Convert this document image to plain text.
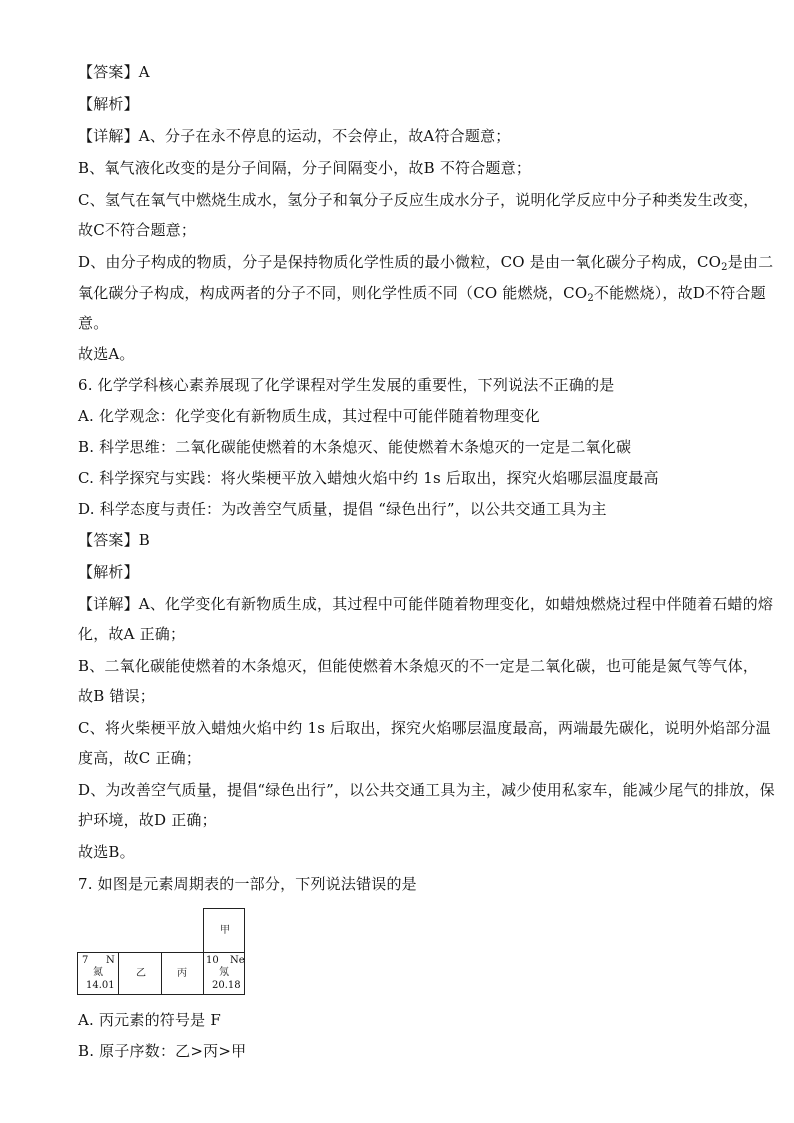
【答案】A
【解析】
【详解】A、分子在永不停息的运动，不会停止，故A符合题意；
B、氧气液化改变的是分子间隔，分子间隔变小，故B 不符合题意；
C、氢气在氧气中燃烧生成水，氢分子和氧分子反应生成水分子，说明化学反应中分子种类发生改变，
故C不符合题意；
D、由分子构成的物质，分子是保持物质化学性质的最小微粒，CO 是由一氧化碳分子构成，$CO_2$是由二
氧化碳分子构成，构成两者的分子不同，则化学性质不同（CO 能燃烧，$CO_2$不能燃烧），故D不符合题
意。
故选A。
6. 化学学科核心素养展现了化学课程对学生发展的重要性，下列说法不正确的是
A. 化学观念：化学变化有新物质生成，其过程中可能伴随着物理变化
B. 科学思维：二氧化碳能使燃着的木条熄灭、能使燃着木条熄灭的一定是二氧化碳
C. 科学探究与实践：将火柴梗平放入蜡烛火焰中约 1s 后取出，探究火焰哪层温度最高
D. 科学态度与责任：为改善空气质量，提倡 “绿色出行”，以公共交通工具为主
【答案】B
【解析】
【详解】A、化学变化有新物质生成，其过程中可能伴随着物理变化，如蜡烛燃烧过程中伴随着石蜡的熔
化，故A 正确；
B、二氧化碳能使燃着的木条熄灭，但能使燃着木条熄灭的不一定是二氧化碳，也可能是氮气等气体，
故B 错误；
C、将火柴梗平放入蜡烛火焰中约 1s 后取出，探究火焰哪层温度最高，两端最先碳化，说明外焰部分温
度高，故C 正确；
D、为改善空气质量，提倡“绿色出行”，以公共交通工具为主，减少使用私家车，能减少尾气的排放，保
护环境，故D 正确；
故选B。
7. 如图是元素周期表的一部分，下列说法错误的是
甲
7 N
氮
14.01
乙	丙
10 Ne
氖
20.18
A. 丙元素的符号是 F
B. 原子序数：乙>丙>甲
